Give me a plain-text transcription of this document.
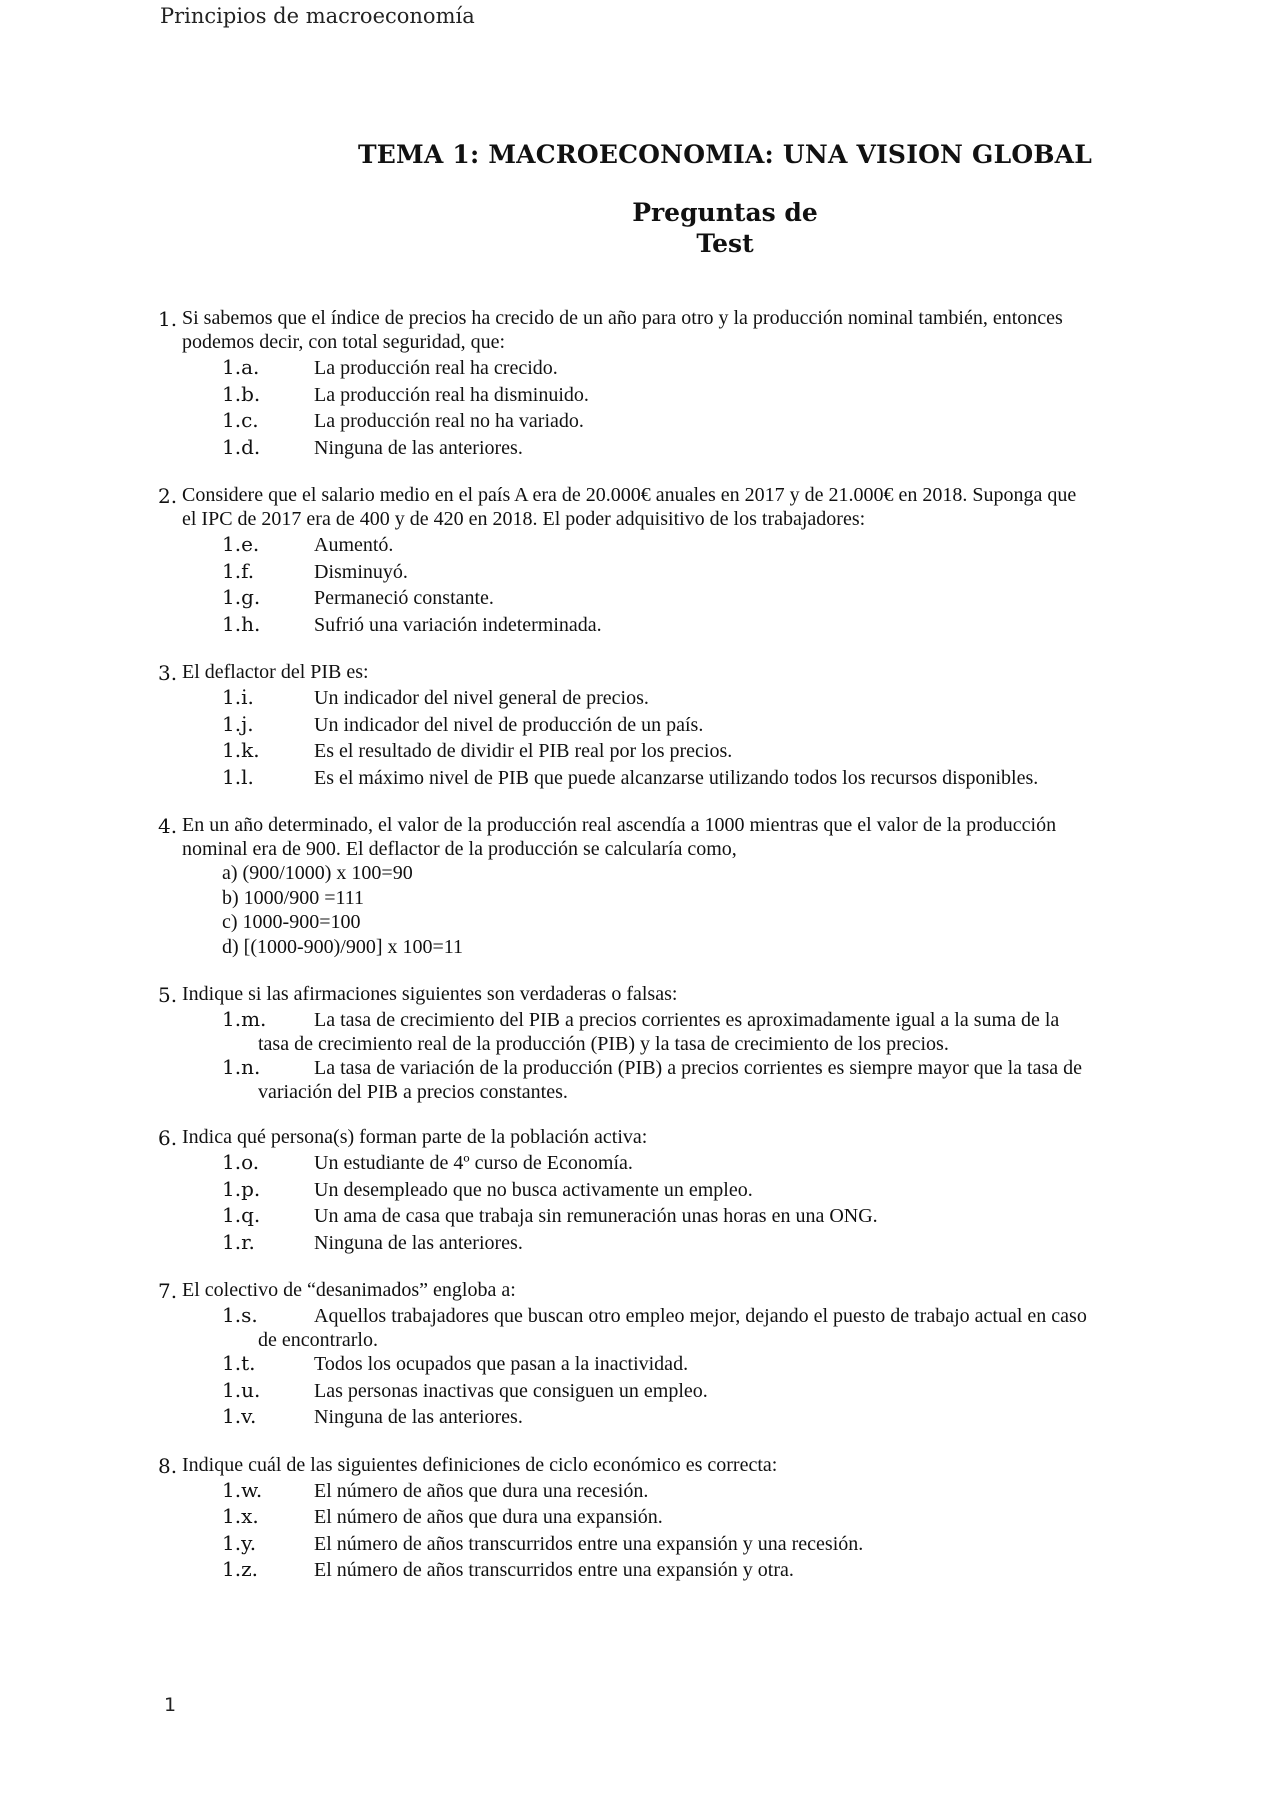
Principios de macroeconomía
TEMA 1: MACROECONOMIA: UNA VISION GLOBAL
Preguntas de
Test
1. Si sabemos que el índice de precios ha crecido de un año para otro y la producción nominal también, entonces podemos decir, con total seguridad, que:
1.a.	La producción real ha crecido.
1.b.	La producción real ha disminuido.
1.c.	La producción real no ha variado.
1.d.	Ninguna de las anteriores.
2. Considere que el salario medio en el país A era de 20.000€ anuales en 2017 y de 21.000€ en 2018. Suponga que el IPC de 2017 era de 400 y de 420 en 2018. El poder adquisitivo de los trabajadores:
1.e.	Aumentó.
1.f.	Disminuyó.
1.g.	Permaneció constante.
1.h.	Sufrió una variación indeterminada.
3. El deflactor del PIB es:
1.i.	Un indicador del nivel general de precios.
1.j.	Un indicador del nivel de producción de un país.
1.k.	Es el resultado de dividir el PIB real por los precios.
1.l.	Es el máximo nivel de PIB que puede alcanzarse utilizando todos los recursos disponibles.
4. En un año determinado, el valor de la producción real ascendía a 1000 mientras que el valor de la producción nominal era de 900. El deflactor de la producción se calcularía como,
a) (900/1000) x 100=90
b) 1000/900 =111
c) 1000-900=100
d) [(1000-900)/900] x 100=11
5. Indique si las afirmaciones siguientes son verdaderas o falsas:
1.m.	La tasa de crecimiento del PIB a precios corrientes es aproximadamente igual a la suma de la tasa de crecimiento real de la producción (PIB) y la tasa de crecimiento de los precios.
1.n.	La tasa de variación de la producción (PIB) a precios corrientes es siempre mayor que la tasa de variación del PIB a precios constantes.
6. Indica qué persona(s) forman parte de la población activa:
1.o.	Un estudiante de 4º curso de Economía.
1.p.	Un desempleado que no busca activamente un empleo.
1.q.	Un ama de casa que trabaja sin remuneración unas horas en una ONG.
1.r.	Ninguna de las anteriores.
7. El colectivo de “desanimados” engloba a:
1.s.	Aquellos trabajadores que buscan otro empleo mejor, dejando el puesto de trabajo actual en caso de encontrarlo.
1.t.	Todos los ocupados que pasan a la inactividad.
1.u.	Las personas inactivas que consiguen un empleo.
1.v.	Ninguna de las anteriores.
8. Indique cuál de las siguientes definiciones de ciclo económico es correcta:
1.w.	El número de años que dura una recesión.
1.x.	El número de años que dura una expansión.
1.y.	El número de años transcurridos entre una expansión y una recesión.
1.z.	El número de años transcurridos entre una expansión y otra.
1
